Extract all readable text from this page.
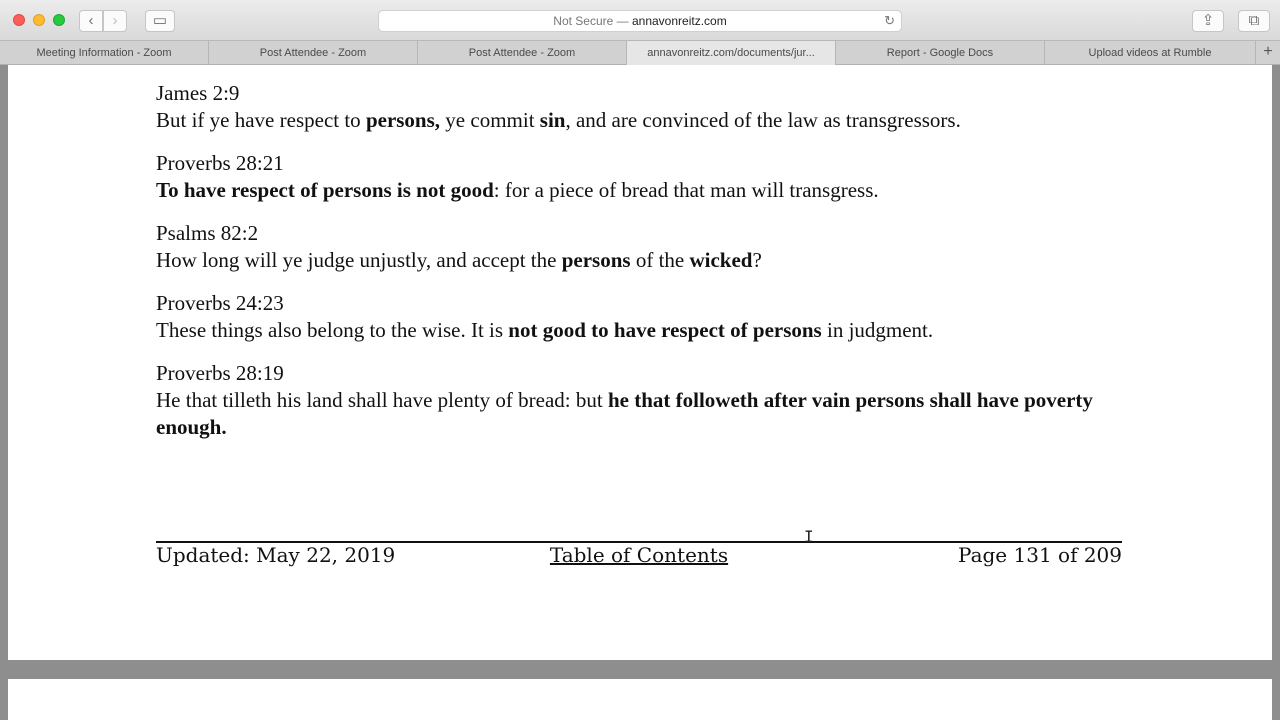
‹	›	▭	Not Secure — annavonreitz.com	↻	⇪	⧉
Meeting Information - Zoom	Post Attendee - Zoom	Post Attendee - Zoom	annavonreitz.com/documents/jur...	Report - Google Docs	Upload videos at Rumble	+
James 2:9
But if ye have respect to persons, ye commit sin, and are convinced of the law as transgressors.
Proverbs 28:21
To have respect of persons is not good: for a piece of bread that man will transgress.
Psalms 82:2
How long will ye judge unjustly, and accept the persons of the wicked?
Proverbs 24:23
These things also belong to the wise. It is not good to have respect of persons in judgment.
Proverbs 28:19
He that tilleth his land shall have plenty of bread: but he that followeth after vain persons shall have poverty enough.
Updated: May 22, 2019	Table of Contents	Page 131 of 209
I
